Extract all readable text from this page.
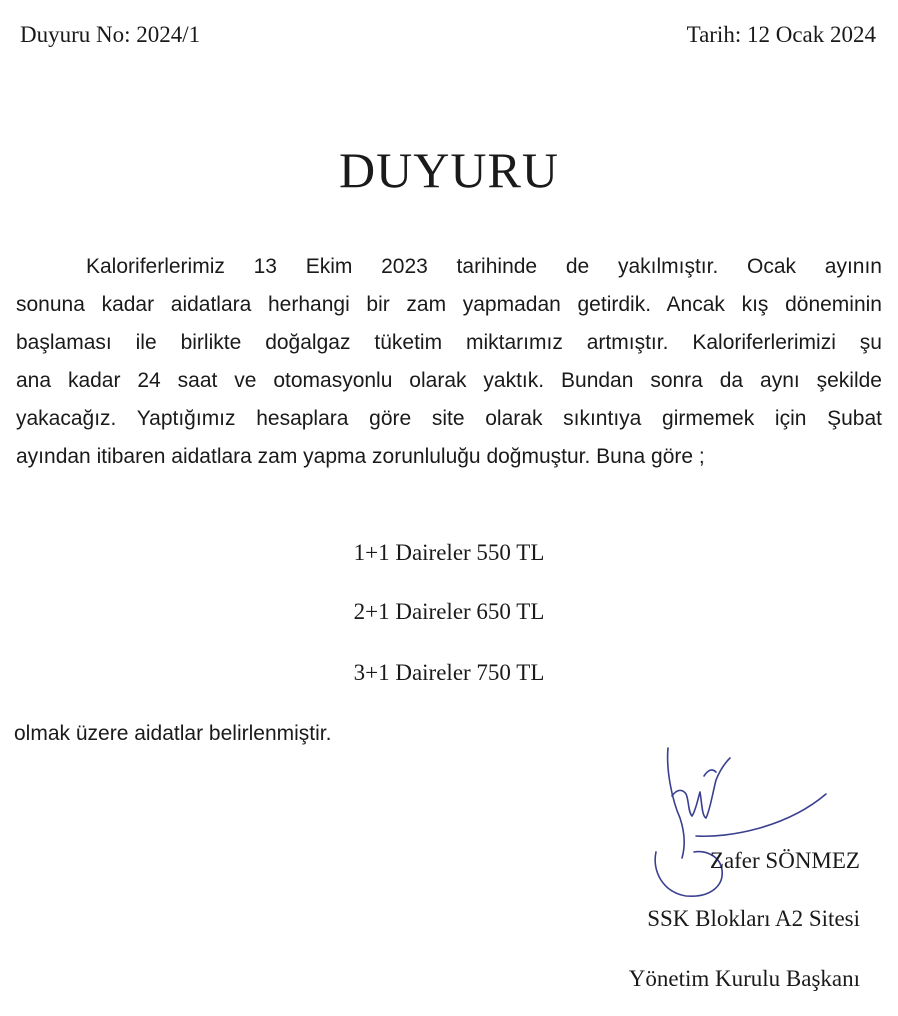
Duyuru No: 2024/1	Tarih: 12 Ocak 2024
DUYURU
Kaloriferlerimiz 13 Ekim 2023 tarihinde de yakılmıştır. Ocak ayının
sonuna kadar aidatlara herhangi bir zam yapmadan getirdik. Ancak kış döneminin
başlaması ile birlikte doğalgaz tüketim miktarımız artmıştır. Kaloriferlerimizi şu
ana kadar 24 saat ve otomasyonlu olarak yaktık. Bundan sonra da aynı şekilde
yakacağız. Yaptığımız hesaplara göre site olarak sıkıntıya girmemek için Şubat
ayından itibaren aidatlara zam yapma zorunluluğu doğmuştur. Buna göre ;
1+1 Daireler 550 TL
2+1 Daireler 650 TL
3+1 Daireler 750 TL
olmak üzere aidatlar belirlenmiştir.
Zafer SÖNMEZ
SSK Blokları A2 Sitesi
Yönetim Kurulu Başkanı
